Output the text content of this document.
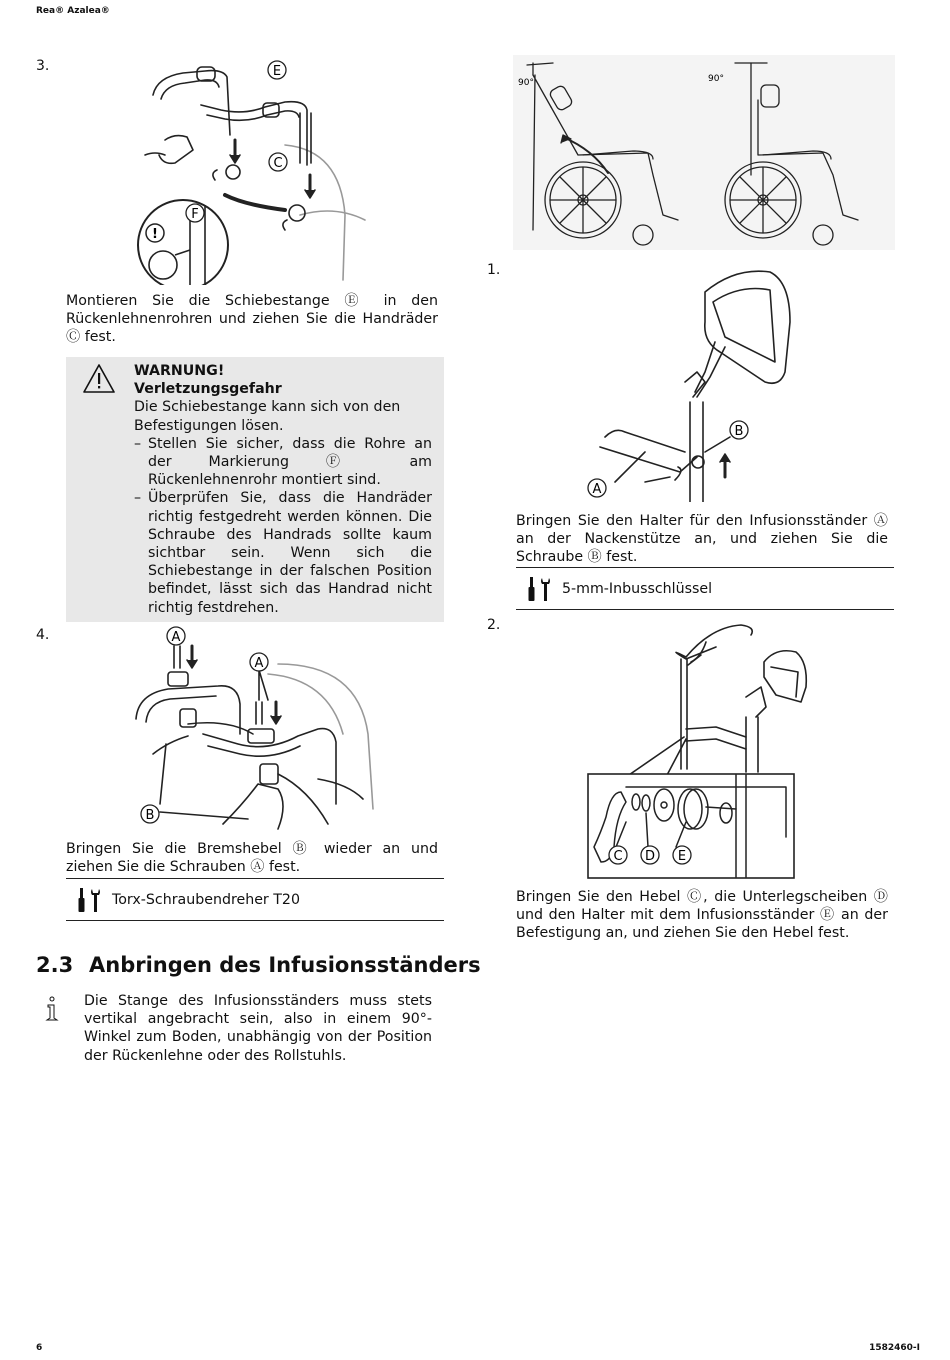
Rea® Azalea®
6	1582460-I
3.
!
F
E
C
Montieren Sie die Schiebestange Ⓔ in den Rückenlehnenrohren und ziehen Sie die Handräder Ⓒ fest.
WARNUNG!
Verletzungsgefahr
Die Schiebestange kann sich von den Befestigungen lösen.
– Stellen Sie sicher, dass die Rohre an der Markierung Ⓕ am Rückenlehnenrohr montiert sind.
– Überprüfen Sie, dass die Handräder richtig festgedreht werden können. Die Schraube des Handrads sollte kaum sichtbar sein. Wenn sich die Schiebestange in der falschen Position befindet, lässt sich das Handrad nicht richtig festdrehen.
4.	A
A
B
Bringen Sie die Bremshebel Ⓑ wieder an und ziehen Sie die Schrauben Ⓐ fest.
Torx-Schraubendreher T20
2.3 Anbringen des Infusionsständers
Die Stange des Infusionsständers muss stets vertikal angebracht sein, also in einem 90°-Winkel zum Boden, unabhängig von der Position der Rückenlehne oder des Rollstuhls.
90°	90°
1.
B
A
Bringen Sie den Halter für den Infusionsständer Ⓐ an der Nackenstütze an, und ziehen Sie die Schraube Ⓑ fest.
5-mm-Inbusschlüssel
2.
C D E
Bringen Sie den Hebel Ⓒ, die Unterlegscheiben Ⓓ und den Halter mit dem Infusionsständer Ⓔ an der Befestigung an, und ziehen Sie den Hebel fest.
